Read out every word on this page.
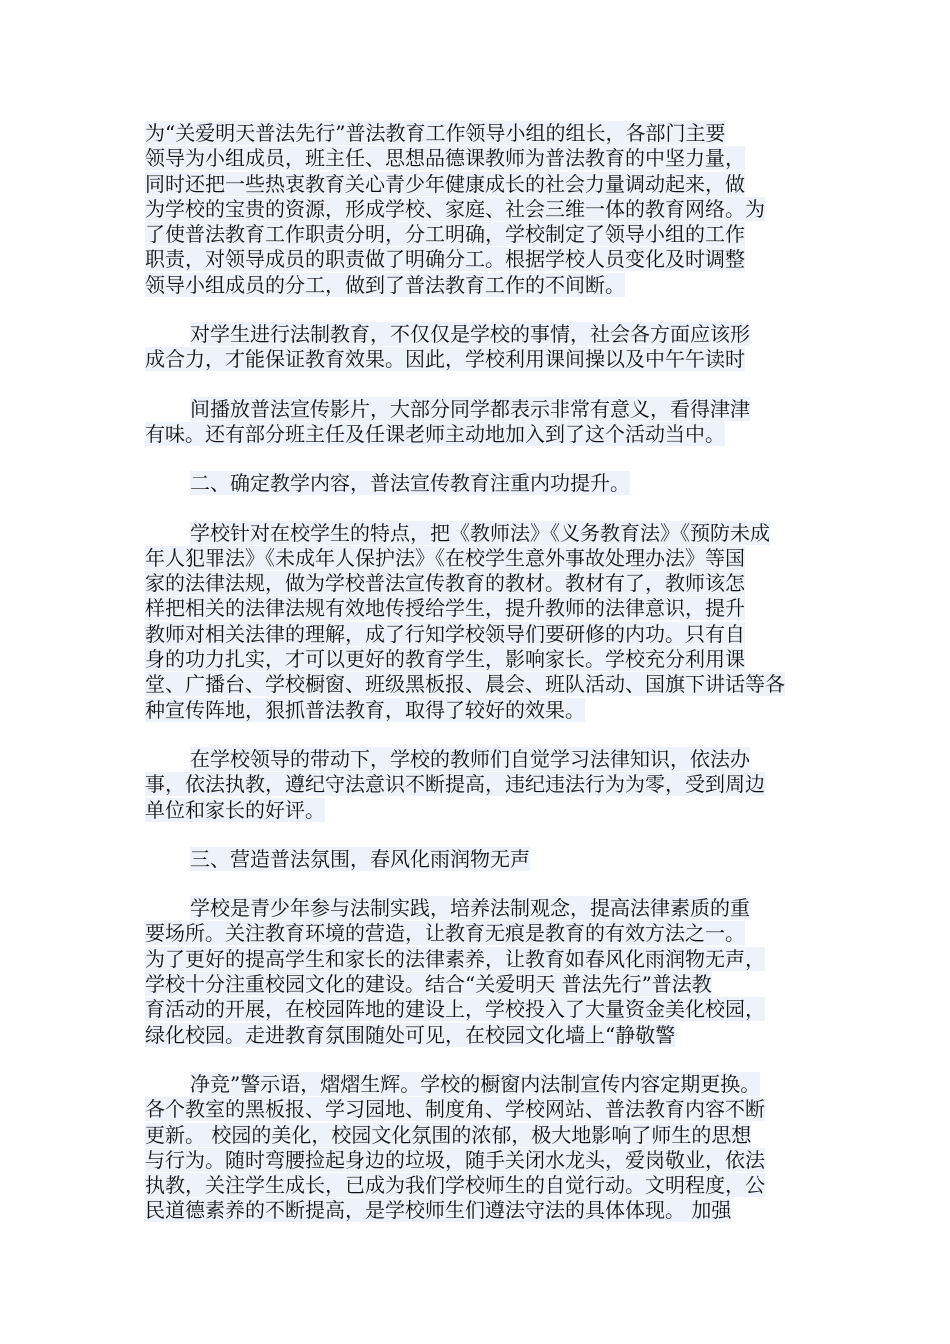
为“关爱明天普法先行”普法教育工作领导小组的组长，各部门主要
领导为小组成员，班主任、思想品德课教师为普法教育的中坚力量，
同时还把一些热衷教育关心青少年健康成长的社会力量调动起来，做
为学校的宝贵的资源，形成学校、家庭、社会三维一体的教育网络。为
了使普法教育工作职责分明，分工明确，学校制定了领导小组的工作
职责，对领导成员的职责做了明确分工。根据学校人员变化及时调整
领导小组成员的分工，做到了普法教育工作的不间断。
对学生进行法制教育，不仅仅是学校的事情，社会各方面应该形
成合力，才能保证教育效果。因此，学校利用课间操以及中午午读时
间播放普法宣传影片，大部分同学都表示非常有意义，看得津津
有味。还有部分班主任及任课老师主动地加入到了这个活动当中。
二、确定教学内容，普法宣传教育注重内功提升。
学校针对在校学生的特点，把《教师法》《义务教育法》《预防未成
年人犯罪法》《未成年人保护法》《在校学生意外事故处理办法》等国
家的法律法规，做为学校普法宣传教育的教材。教材有了，教师该怎
样把相关的法律法规有效地传授给学生，提升教师的法律意识，提升
教师对相关法律的理解，成了行知学校领导们要研修的内功。只有自
身的功力扎实，才可以更好的教育学生，影响家长。学校充分利用课
堂、广播台、学校橱窗、班级黑板报、晨会、班队活动、国旗下讲话等各
种宣传阵地，狠抓普法教育，取得了较好的效果。
在学校领导的带动下，学校的教师们自觉学习法律知识，依法办
事，依法执教，遵纪守法意识不断提高，违纪违法行为为零，受到周边
单位和家长的好评。
三、营造普法氛围，春风化雨润物无声
学校是青少年参与法制实践，培养法制观念，提高法律素质的重
要场所。关注教育环境的营造，让教育无痕是教育的有效方法之一。
为了更好的提高学生和家长的法律素养，让教育如春风化雨润物无声，
学校十分注重校园文化的建设。结合“关爱明天 普法先行”普法教
育活动的开展，在校园阵地的建设上，学校投入了大量资金美化校园，
绿化校园。走进教育氛围随处可见，在校园文化墙上“静敬警
净竞”警示语，熠熠生辉。学校的橱窗内法制宣传内容定期更换。
各个教室的黑板报、学习园地、制度角、学校网站、普法教育内容不断
更新。 校园的美化，校园文化氛围的浓郁，极大地影响了师生的思想
与行为。随时弯腰捡起身边的垃圾，随手关闭水龙头，爱岗敬业，依法
执教，关注学生成长，已成为我们学校师生的自觉行动。文明程度，公
民道德素养的不断提高，是学校师生们遵法守法的具体体现。 加强
